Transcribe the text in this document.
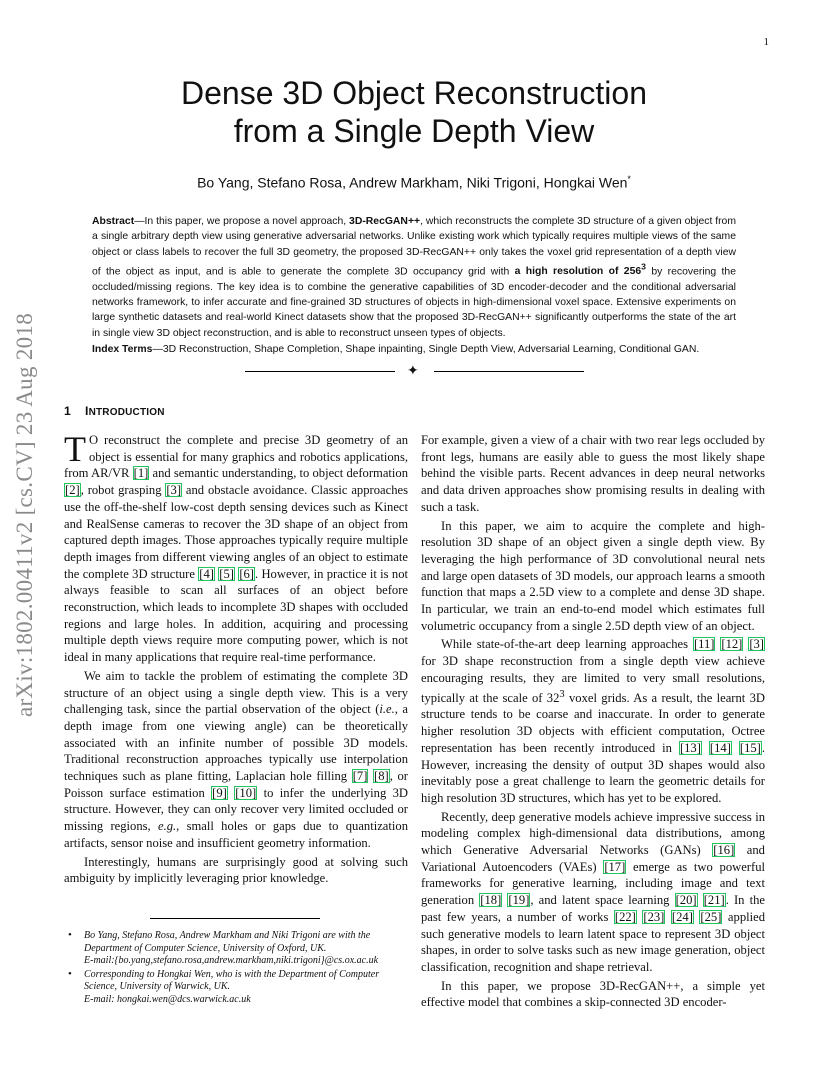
1
arXiv:1802.00411v2 [cs.CV] 23 Aug 2018
Dense 3D Object Reconstruction
from a Single Depth View
Bo Yang, Stefano Rosa, Andrew Markham, Niki Trigoni, Hongkai Wen*

Abstract—In this paper, we propose a novel approach, 3D-RecGAN++, which reconstructs the complete 3D structure of a given object from a single arbitrary depth view using generative adversarial networks. Unlike existing work which typically requires multiple views of the same object or class labels to recover the full 3D geometry, the proposed 3D-RecGAN++ only takes the voxel grid representation of a depth view of the object as input, and is able to generate the complete 3D occupancy grid with a high resolution of $256^3$ by recovering the occluded/missing regions. The key idea is to combine the generative capabilities of 3D encoder-decoder and the conditional adversarial networks framework, to infer accurate and fine-grained 3D structures of objects in high-dimensional voxel space. Extensive experiments on large synthetic datasets and real-world Kinect datasets show that the proposed 3D-RecGAN++ significantly outperforms the state of the art in single view 3D object reconstruction, and is able to reconstruct unseen types of objects.

Index Terms—3D Reconstruction, Shape Completion, Shape inpainting, Single Depth View, Adversarial Learning, Conditional GAN.

✦
1 INTRODUCTION

T O reconstruct the complete and precise 3D geometry of an object is essential for many graphics and robotics applications, from AR/VR [1] and semantic understanding, to object deformation [2], robot grasping [3] and obstacle avoidance. Classic approaches use the off-the-shelf low-cost depth sensing devices such as Kinect and RealSense cameras to recover the 3D shape of an object from captured depth images. Those approaches typically require multiple depth images from different viewing angles of an object to estimate the complete 3D structure [4] [5] [6]. However, in practice it is not always feasible to scan all surfaces of an object before reconstruction, which leads to incomplete 3D shapes with occluded regions and large holes. In addition, acquiring and processing multiple depth views require more computing power, which is not ideal in many applications that require real-time performance.

We aim to tackle the problem of estimating the complete 3D structure of an object using a single depth view. This is a very challenging task, since the partial observation of the object (i.e., a depth image from one viewing angle) can be theoretically associated with an infinite number of possible 3D models. Traditional reconstruction approaches typically use interpolation techniques such as plane fitting, Laplacian hole filling [7] [8], or Poisson surface estimation [9] [10] to infer the underlying 3D structure. However, they can only recover very limited occluded or missing regions, e.g., small holes or gaps due to quantization artifacts, sensor noise and insufficient geometry information.

Interestingly, humans are surprisingly good at solving such ambiguity by implicitly leveraging prior knowledge.

• Bo Yang, Stefano Rosa, Andrew Markham and Niki Trigoni are with the Department of Computer Science, University of Oxford, UK.
E-mail:{bo.yang,stefano.rosa,andrew.markham,niki.trigoni}@cs.ox.ac.uk
• Corresponding to Hongkai Wen, who is with the Department of Computer Science, University of Warwick, UK.
E-mail: hongkai.wen@dcs.warwick.ac.uk

For example, given a view of a chair with two rear legs occluded by front legs, humans are easily able to guess the most likely shape behind the visible parts. Recent advances in deep neural networks and data driven approaches show promising results in dealing with such a task.

In this paper, we aim to acquire the complete and high-resolution 3D shape of an object given a single depth view. By leveraging the high performance of 3D convolutional neural nets and large open datasets of 3D models, our approach learns a smooth function that maps a 2.5D view to a complete and dense 3D shape. In particular, we train an end-to-end model which estimates full volumetric occupancy from a single 2.5D depth view of an object.

While state-of-the-art deep learning approaches [11] [12] [3] for 3D shape reconstruction from a single depth view achieve encouraging results, they are limited to very small resolutions, typically at the scale of $32^3$ voxel grids. As a result, the learnt 3D structure tends to be coarse and inaccurate. In order to generate higher resolution 3D objects with efficient computation, Octree representation has been recently introduced in [13] [14] [15]. However, increasing the density of output 3D shapes would also inevitably pose a great challenge to learn the geometric details for high resolution 3D structures, which has yet to be explored.

Recently, deep generative models achieve impressive success in modeling complex high-dimensional data distributions, among which Generative Adversarial Networks (GANs) [16] and Variational Autoencoders (VAEs) [17] emerge as two powerful frameworks for generative learning, including image and text generation [18] [19], and latent space learning [20] [21]. In the past few years, a number of works [22] [23] [24] [25] applied such generative models to learn latent space to represent 3D object shapes, in order to solve tasks such as new image generation, object classification, recognition and shape retrieval.

In this paper, we propose 3D-RecGAN++, a simple yet effective model that combines a skip-connected 3D encoder-
